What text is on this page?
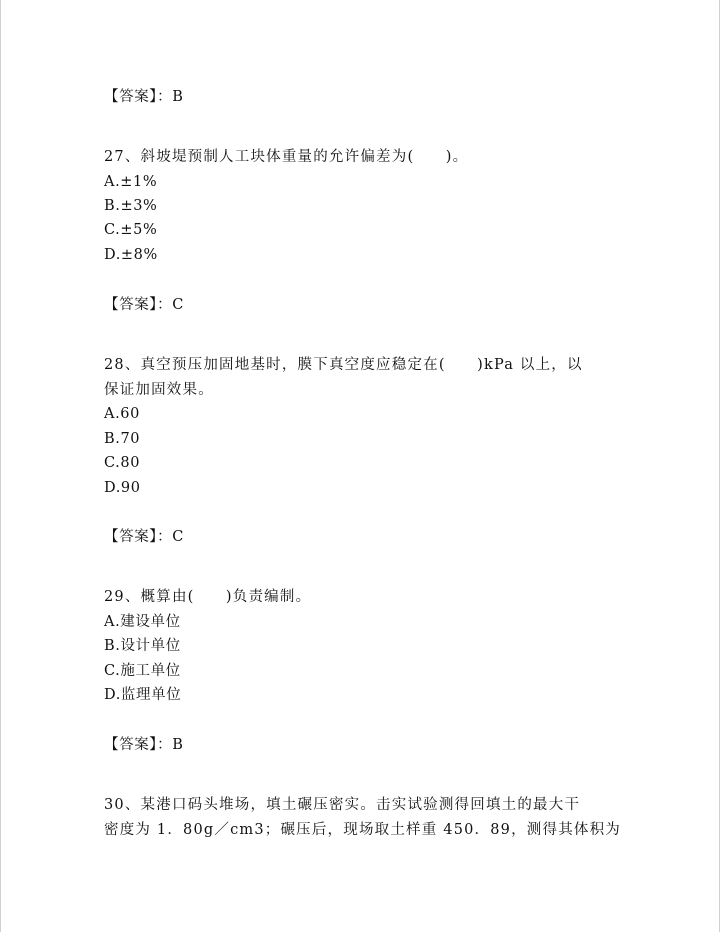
【答案】：B
27、斜坡堤预制人工块体重量的允许偏差为(　　)。
A.±1%
B.±3%
C.±5%
D.±8%
【答案】：C
28、真空预压加固地基时，膜下真空度应稳定在(　　)kPa 以上，以
保证加固效果。
A.60
B.70
C.80
D.90
【答案】：C
29、概算由(　　)负责编制。
A.建设单位
B.设计单位
C.施工单位
D.监理单位
【答案】：B
30、某港口码头堆场，填土碾压密实。击实试验测得回填土的最大干
密度为 1．80g／cm3；碾压后，现场取土样重 450．89，测得其体积为
